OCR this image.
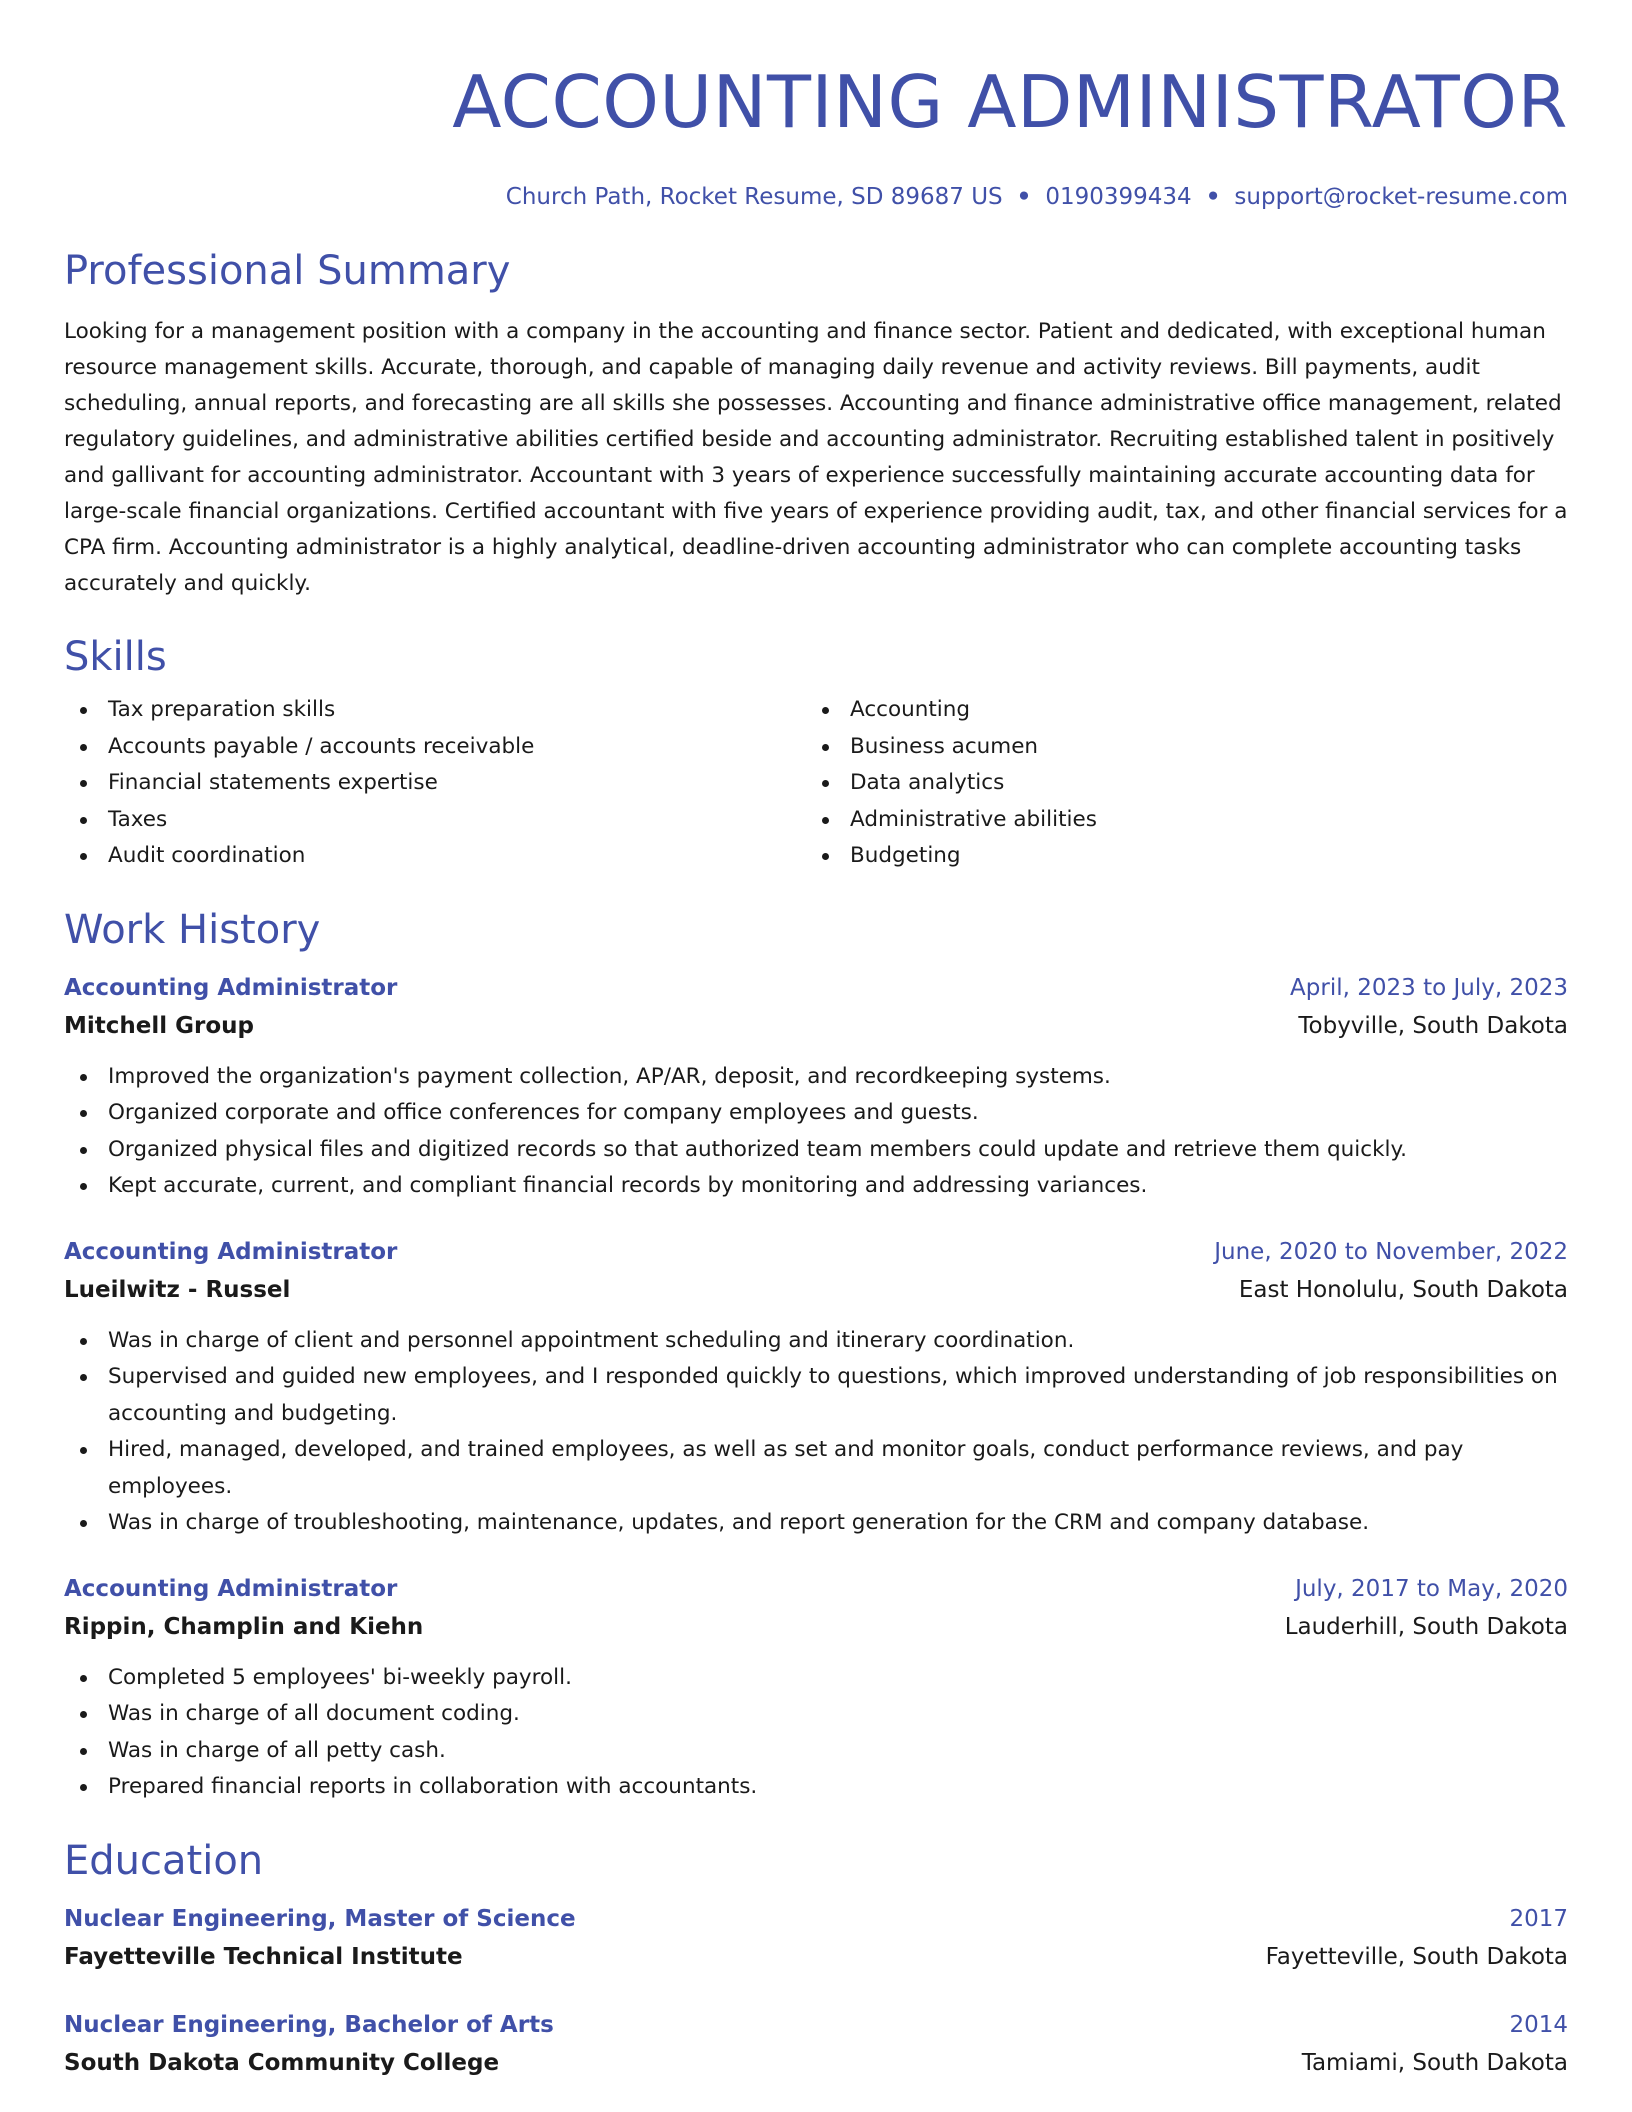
ACCOUNTING ADMINISTRATOR
Church Path, Rocket Resume, SD 89687 US • 0190399434 • support@rocket-resume.com
Professional Summary
Looking for a management position with a company in the accounting and finance sector. Patient and dedicated, with exceptional human resource management skills. Accurate, thorough, and capable of managing daily revenue and activity reviews. Bill payments, audit scheduling, annual reports, and forecasting are all skills she possesses. Accounting and finance administrative office management, related regulatory guidelines, and administrative abilities certified beside and accounting administrator. Recruiting established talent in positively and gallivant for accounting administrator. Accountant with 3 years of experience successfully maintaining accurate accounting data for large-scale financial organizations. Certified accountant with five years of experience providing audit, tax, and other financial services for a CPA firm. Accounting administrator is a highly analytical, deadline-driven accounting administrator who can complete accounting tasks accurately and quickly.
Skills
Tax preparation skills
Accounts payable / accounts receivable
Financial statements expertise
Taxes
Audit coordination
Accounting
Business acumen
Data analytics
Administrative abilities
Budgeting
Work History
Accounting Administrator	April, 2023 to July, 2023
Mitchell Group	Tobyville, South Dakota
Improved the organization's payment collection, AP/AR, deposit, and recordkeeping systems.
Organized corporate and office conferences for company employees and guests.
Organized physical files and digitized records so that authorized team members could update and retrieve them quickly.
Kept accurate, current, and compliant financial records by monitoring and addressing variances.
Accounting Administrator	June, 2020 to November, 2022
Lueilwitz - Russel	East Honolulu, South Dakota
Was in charge of client and personnel appointment scheduling and itinerary coordination.
Supervised and guided new employees, and I responded quickly to questions, which improved understanding of job responsibilities on accounting and budgeting.
Hired, managed, developed, and trained employees, as well as set and monitor goals, conduct performance reviews, and pay employees.
Was in charge of troubleshooting, maintenance, updates, and report generation for the CRM and company database.
Accounting Administrator	July, 2017 to May, 2020
Rippin, Champlin and Kiehn	Lauderhill, South Dakota
Completed 5 employees' bi-weekly payroll.
Was in charge of all document coding.
Was in charge of all petty cash.
Prepared financial reports in collaboration with accountants.
Education
Nuclear Engineering, Master of Science	2017
Fayetteville Technical Institute	Fayetteville, South Dakota
Nuclear Engineering, Bachelor of Arts	2014
South Dakota Community College	Tamiami, South Dakota
